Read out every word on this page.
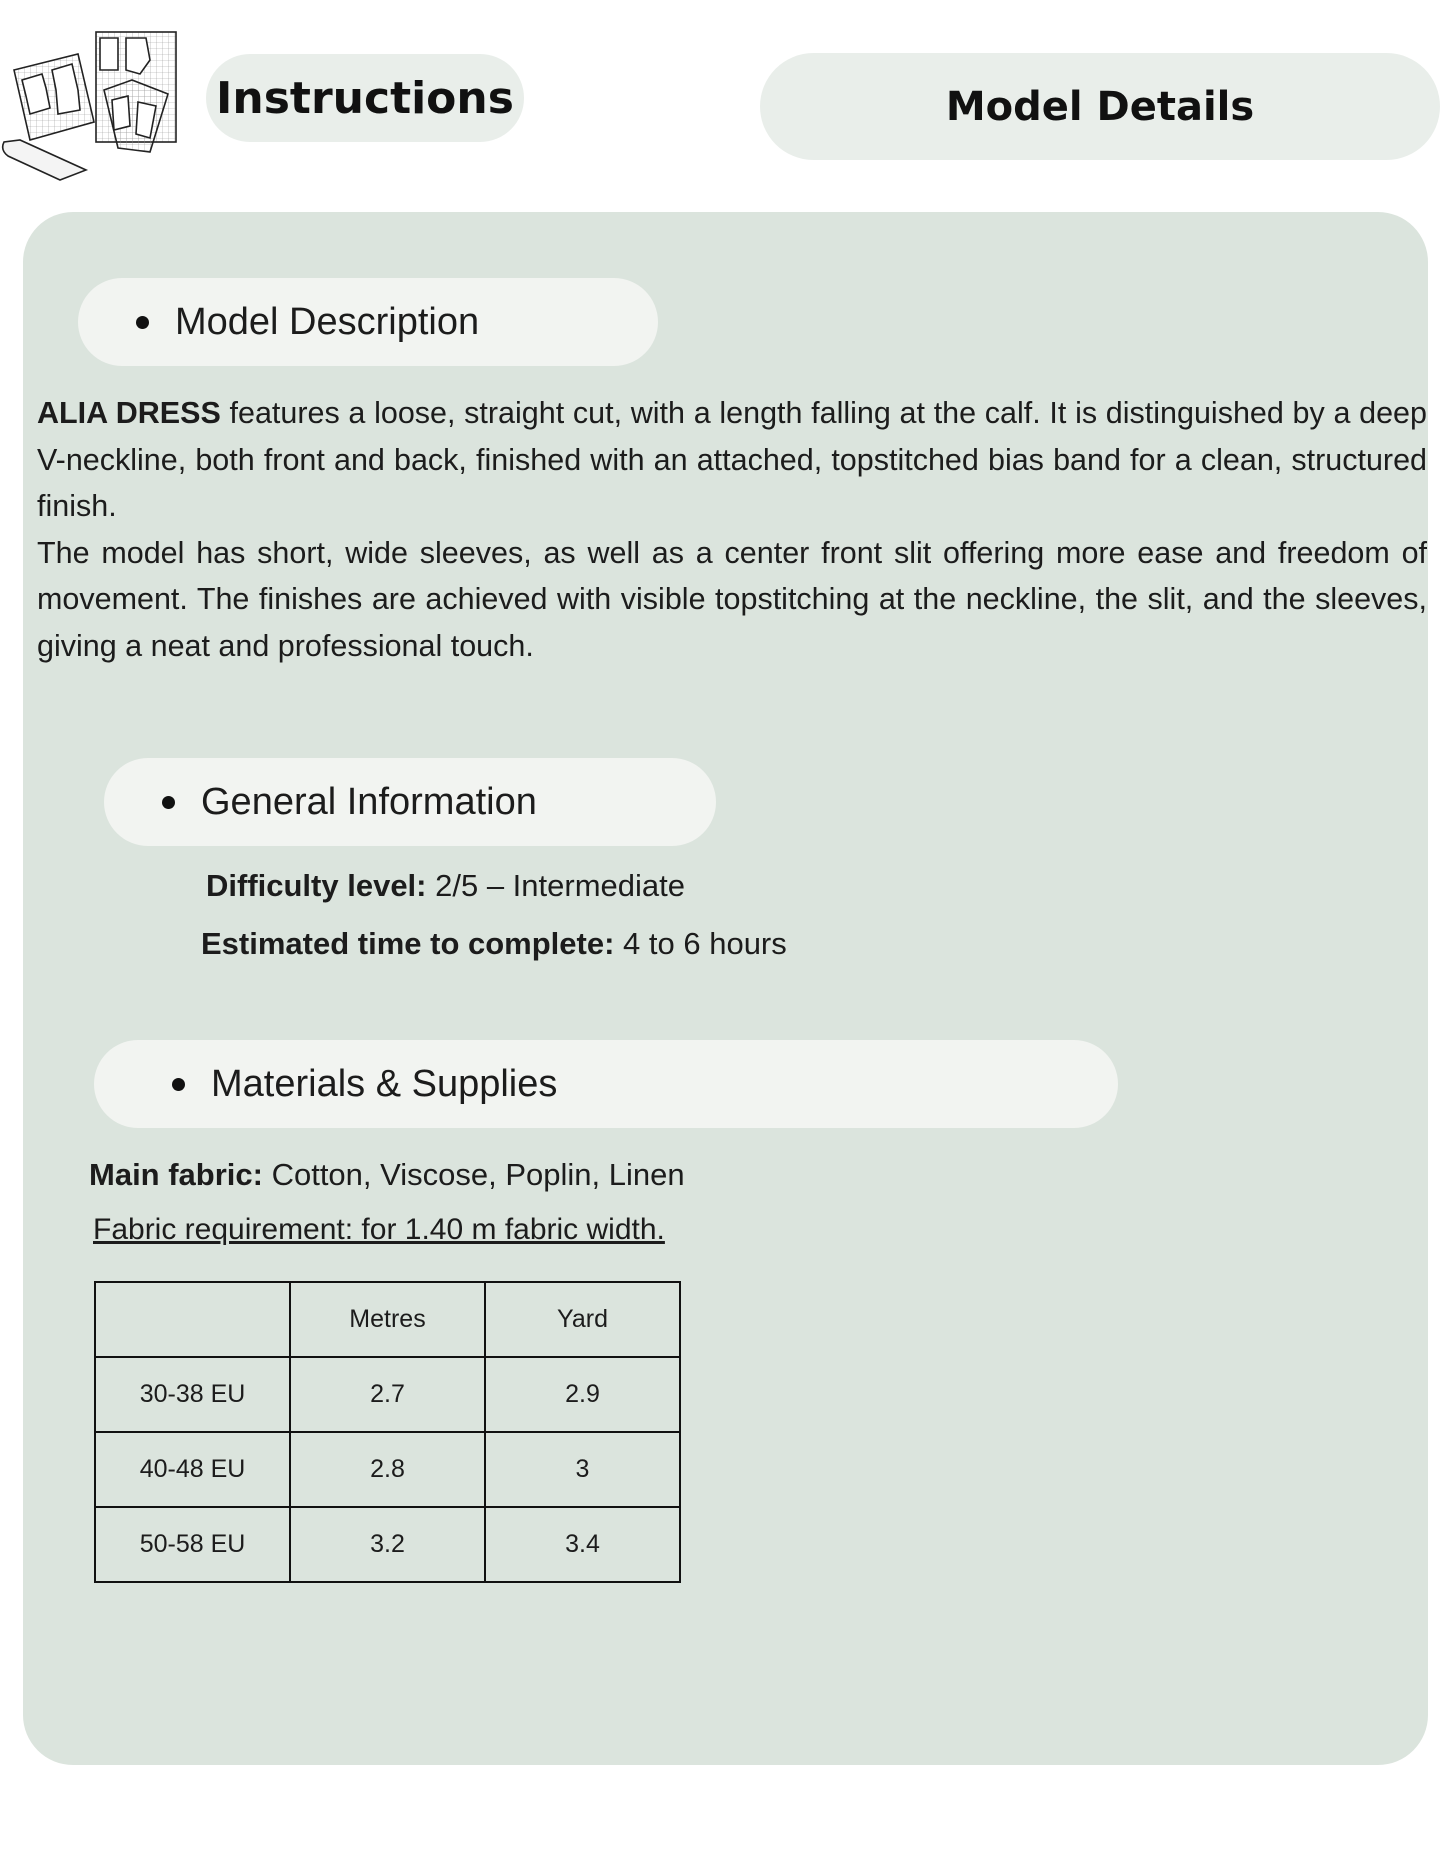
Instructions	Model Details
Model Description

ALIA DRESS features a loose, straight cut, with a length falling at the calf. It is distinguished by a deep V-neckline, both front and back, finished with an attached, topstitched bias band for a clean, structured finish.

The model has short, wide sleeves, as well as a center front slit offering more ease and freedom of movement. The finishes are achieved with visible topstitching at the neckline, the slit, and the sleeves, giving a neat and professional touch.

General Information
Difficulty level: 2/5 – Intermediate
Estimated time to complete: 4 to 6 hours
Materials & Supplies
Main fabric: Cotton, Viscose, Poplin, Linen
Fabric requirement: for 1.40 m fabric width.
	Metres	Yard
30-38 EU	2.7	2.9
40-48 EU	2.8	3
50-58 EU	3.2	3.4
